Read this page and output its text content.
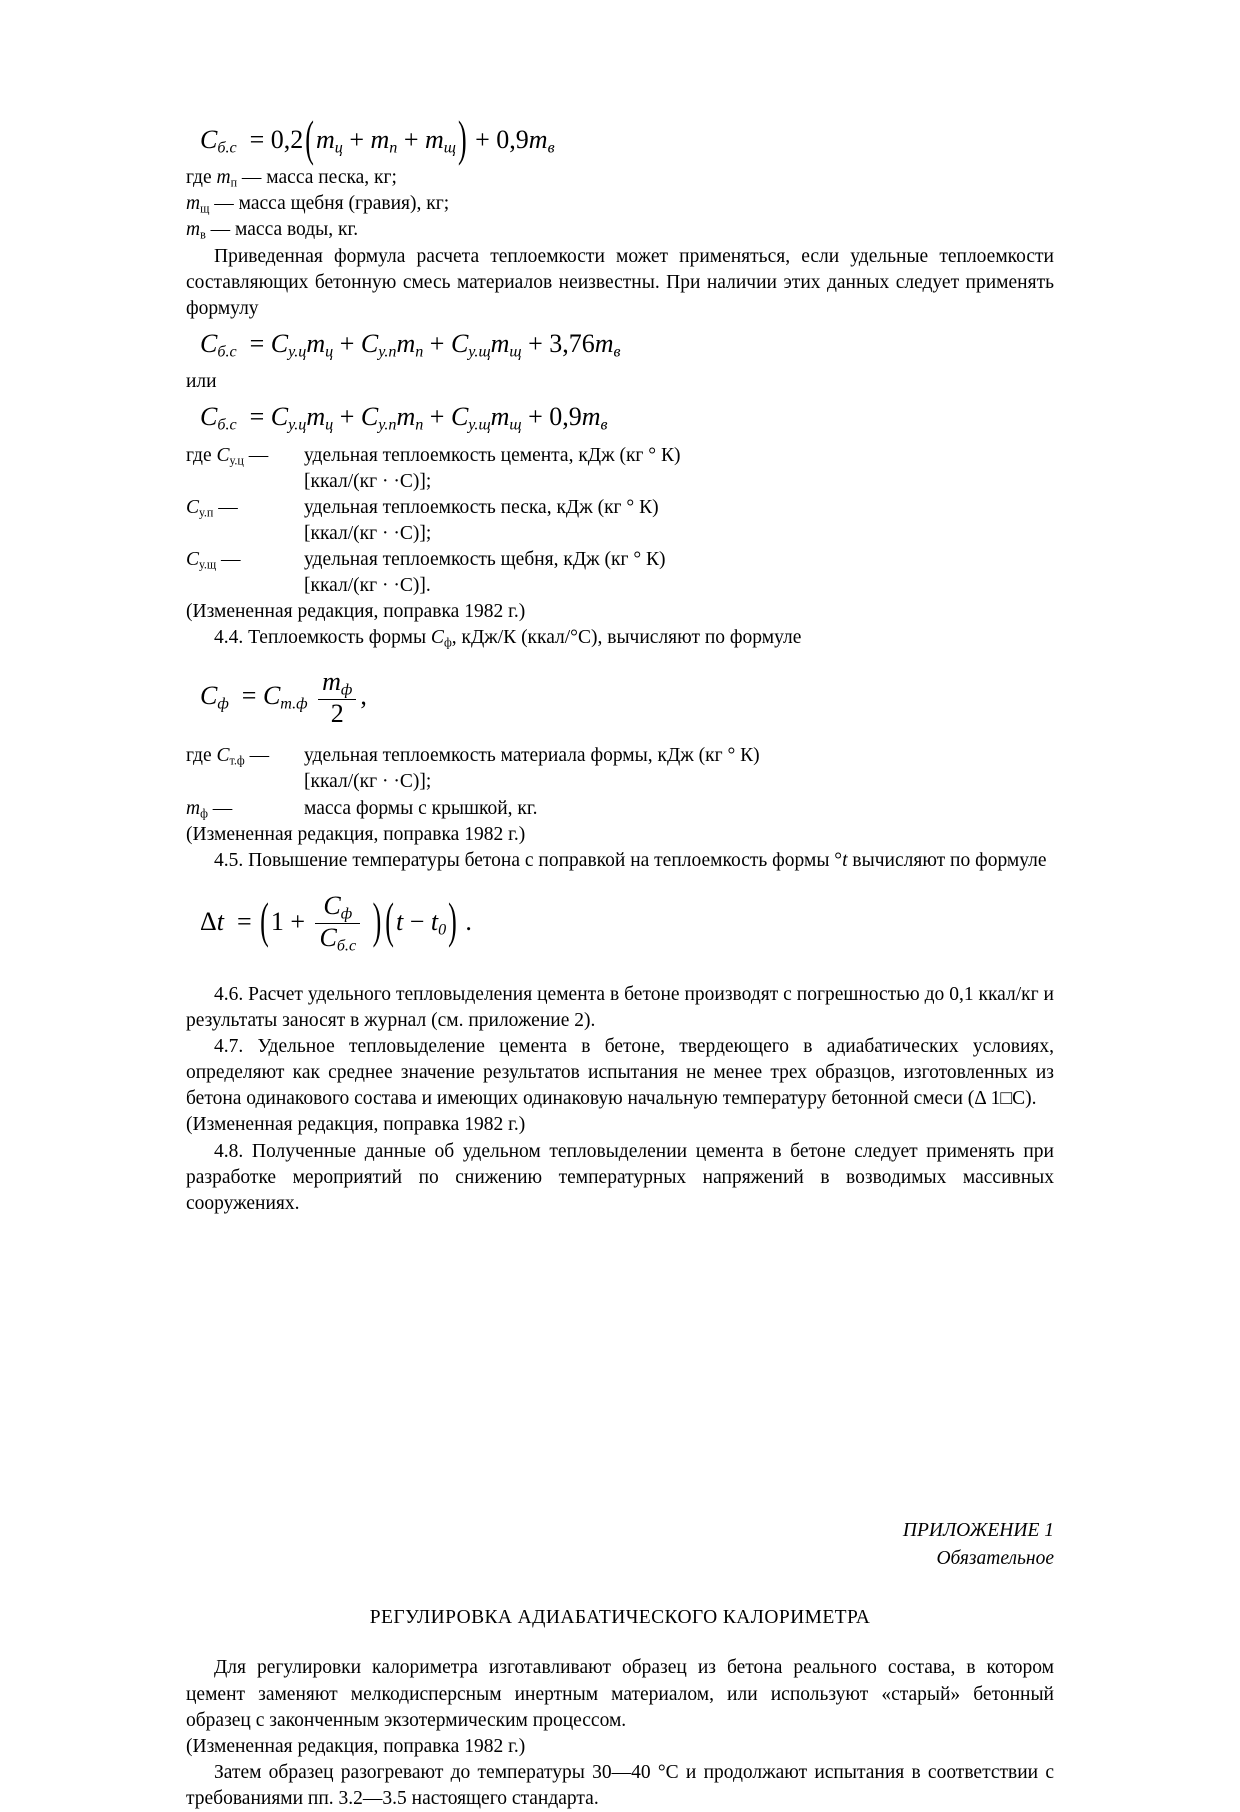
$C_{б.с} = 0,2(m_ц + m_п + m_щ) + 0,9m_в$

где mп — масса песка, кг;

mщ — масса щебня (гравия), кг;

mв — масса воды, кг.

Приведенная формула расчета теплоемкости может применяться, если удельные теплоемкости составляющих бетонную смесь материалов неизвестны. При наличии этих данных следует применять формулу

$C_{б.с} = C_{у.ц}m_ц + C_{у.п}m_п + C_{у.щ}m_щ + 3,76m_в$

или

$C_{б.с} = C_{у.ц}m_ц + C_{у.п}m_п + C_{у.щ}m_щ + 0,9m_в$
где Cу.ц —	удельная теплоемкость цемента, кДж (кг ° К)
[ккал/(кг · ·С)];
Cу.п —	удельная теплоемкость песка, кДж (кг ° К)
[ккал/(кг · ·С)];
Cу.щ —	удельная теплоемкость щебня, кДж (кг ° К)
[ккал/(кг · ·С)].

(Измененная редакция, поправка 1982 г.)

4.4. Теплоемкость формы Cф, кДж/К (ккал/°С), вычисляют по формуле

$C_ф = C_{т.ф} \frac{m_ф}{2}$ ,
где Cт.ф —	удельная теплоемкость материала формы, кДж (кг ° К)
[ккал/(кг · ·С)];
mф —	масса формы с крышкой, кг.

(Измененная редакция, поправка 1982 г.)

4.5. Повышение температуры бетона с поправкой на теплоемкость формы °t вычисляют по формуле

$\Delta t = (1 + \frac{C_ф}{C_{б.с}}$ ) $(t - t_0)$ .

4.6. Расчет удельного тепловыделения цемента в бетоне производят с погрешностью до 0,1 ккал/кг и результаты заносят в журнал (см. приложение 2).

4.7. Удельное тепловыделение цемента в бетоне, твердеющего в адиабатических условиях, определяют как среднее значение результатов испытания не менее трех образцов, изготовленных из бетона одинакового состава и имеющих одинаковую начальную температуру бетонной смеси (Δ 1□С).

(Измененная редакция, поправка 1982 г.)

4.8. Полученные данные об удельном тепловыделении цемента в бетоне следует применять при разработке мероприятий по снижению температурных напряжений в возводимых массивных сооружениях.

ПРИЛОЖЕНИЕ 1
Обязательное
РЕГУЛИРОВКА АДИАБАТИЧЕСКОГО КАЛОРИМЕТРА

Для регулировки калориметра изготавливают образец из бетона реального состава, в котором цемент заменяют мелкодисперсным инертным материалом, или используют «старый» бетонный образец с законченным экзотермическим процессом.

(Измененная редакция, поправка 1982 г.)

Затем образец разогревают до температуры 30—40 °C и продолжают испытания в соответствии с требованиями пп. 3.2—3.5 настоящего стандарта.
